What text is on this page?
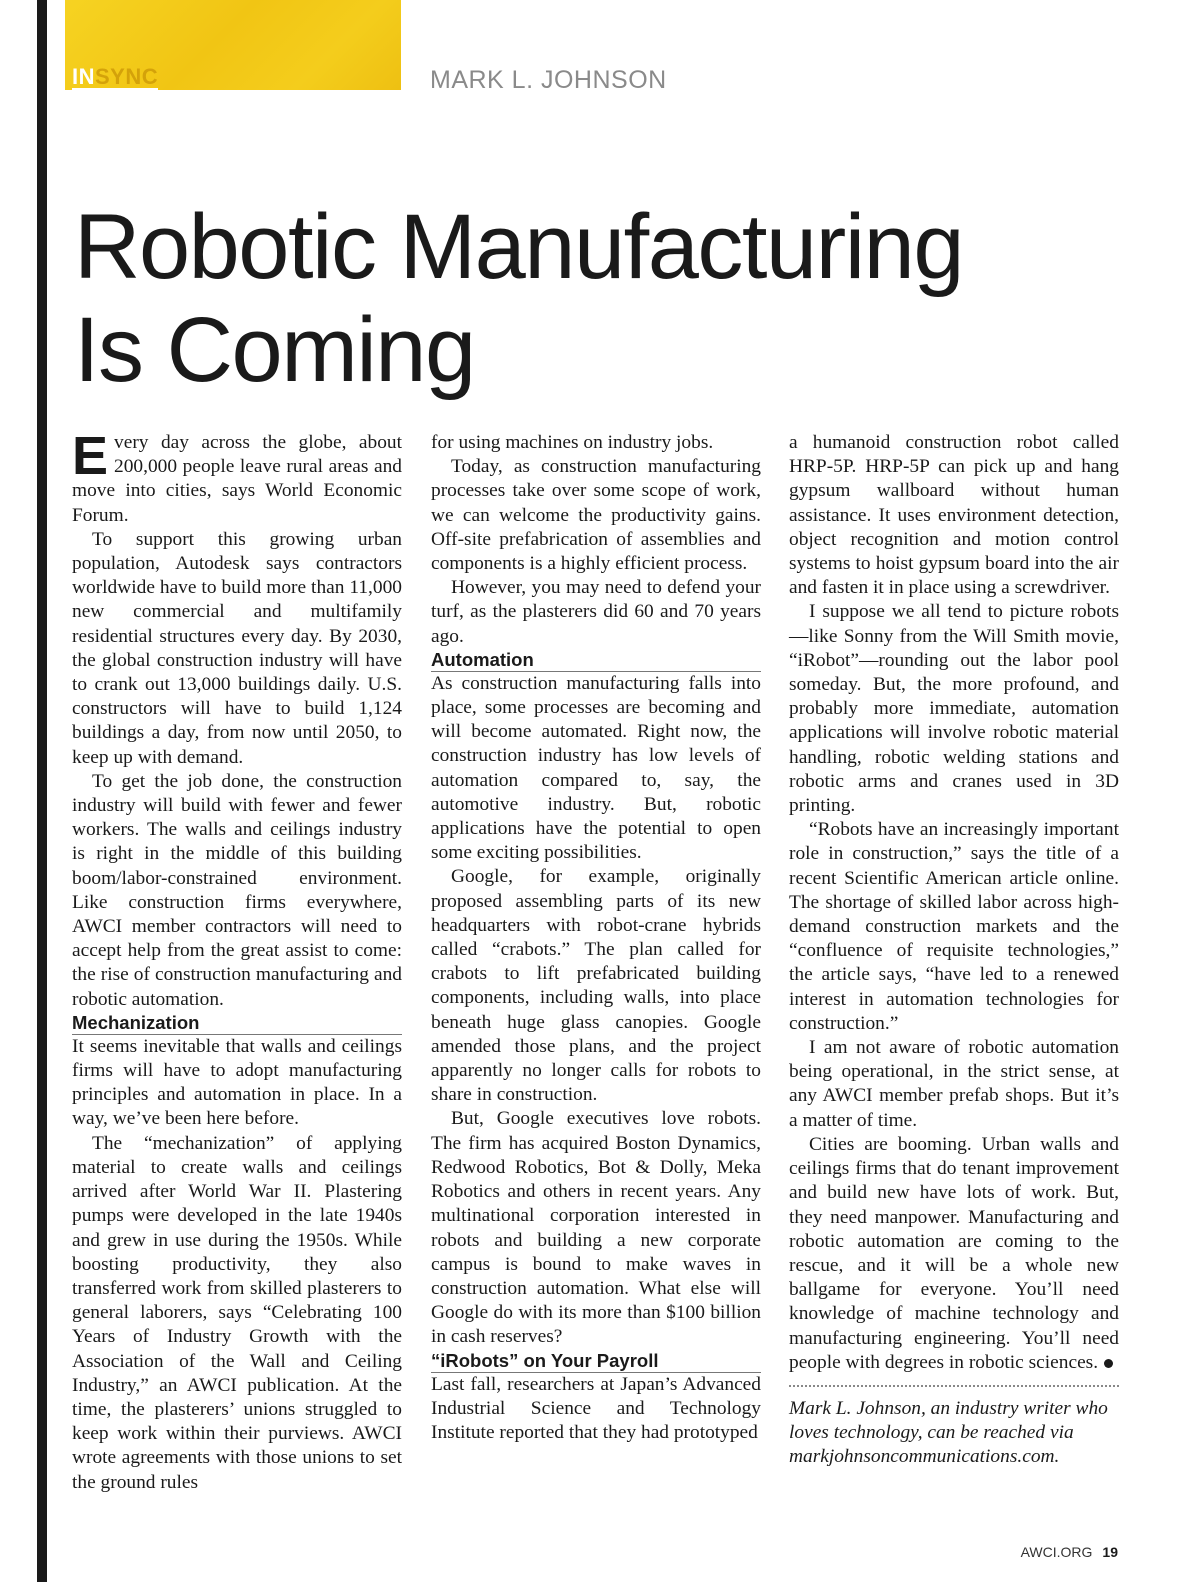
INSYNC	MARK L. JOHNSON
Robotic Manufacturing
Is Coming

Every day across the globe, about 200,000 people leave rural areas and move into cities, says World Economic Forum.

To support this growing urban population, Autodesk says contractors worldwide have to build more than 11,000 new commercial and multifamily residential structures every day. By 2030, the global construction industry will have to crank out 13,000 buildings daily. U.S. constructors will have to build 1,124 buildings a day, from now until 2050, to keep up with demand.

To get the job done, the construction industry will build with fewer and fewer workers. The walls and ceilings industry is right in the middle of this building boom/labor-constrained environment. Like construction firms everywhere, AWCI member contractors will need to accept help from the great assist to come: the rise of construction manufacturing and robotic automation.

Mechanization

It seems inevitable that walls and ceilings firms will have to adopt manufacturing principles and automation in place. In a way, we’ve been here before.

The “mechanization” of applying material to create walls and ceilings arrived after World War II. Plastering pumps were developed in the late 1940s and grew in use during the 1950s. While boosting productivity, they also transferred work from skilled plasterers to general laborers, says “Celebrating 100 Years of Industry Growth with the Association of the Wall and Ceiling Industry,” an AWCI publication. At the time, the plasterers’ unions struggled to keep work within their purviews. AWCI wrote agreements with those unions to set the ground rules

for using machines on industry jobs.

Today, as construction manufacturing processes take over some scope of work, we can welcome the productivity gains. Off-site prefabrication of assemblies and components is a highly efficient process.

However, you may need to defend your turf, as the plasterers did 60 and 70 years ago.

Automation

As construction manufacturing falls into place, some processes are becoming and will become automated. Right now, the construction industry has low levels of automation compared to, say, the automotive industry. But, robotic applications have the potential to open some exciting possibilities.

Google, for example, originally proposed assembling parts of its new headquarters with robot-crane hybrids called “crabots.” The plan called for crabots to lift prefabricated building components, including walls, into place beneath huge glass canopies. Google amended those plans, and the project apparently no longer calls for robots to share in construction.

But, Google executives love robots. The firm has acquired Boston Dynamics, Redwood Robotics, Bot & Dolly, Meka Robotics and others in recent years. Any multinational corporation interested in robots and building a new corporate campus is bound to make waves in construction automation. What else will Google do with its more than $100 billion in cash reserves?

“iRobots” on Your Payroll

Last fall, researchers at Japan’s Advanced Industrial Science and Technology Institute reported that they had prototyped

a humanoid construction robot called HRP-5P. HRP-5P can pick up and hang gypsum wallboard without human assistance. It uses environment detection, object recognition and motion control systems to hoist gypsum board into the air and fasten it in place using a screwdriver.

I suppose we all tend to picture robots—like Sonny from the Will Smith movie, “iRobot”—rounding out the labor pool someday. But, the more profound, and probably more immediate, automation applications will involve robotic material handling, robotic welding stations and robotic arms and cranes used in 3D printing.

“Robots have an increasingly important role in construction,” says the title of a recent Scientific American article online. The shortage of skilled labor across high-demand construction markets and the “confluence of requisite technologies,” the article says, “have led to a renewed interest in automation technologies for construction.”

I am not aware of robotic automation being operational, in the strict sense, at any AWCI member prefab shops. But it’s a matter of time.

Cities are booming. Urban walls and ceilings firms that do tenant improvement and build new have lots of work. But, they need manpower. Manufacturing and robotic automation are coming to the rescue, and it will be a whole new ballgame for everyone. You’ll need knowledge of machine technology and manufacturing engineering. You’ll need people with degrees in robotic sciences.

Mark L. Johnson, an industry writer who loves technology, can be reached via markjohnsoncommunications.com.

AWCI.ORG 19
